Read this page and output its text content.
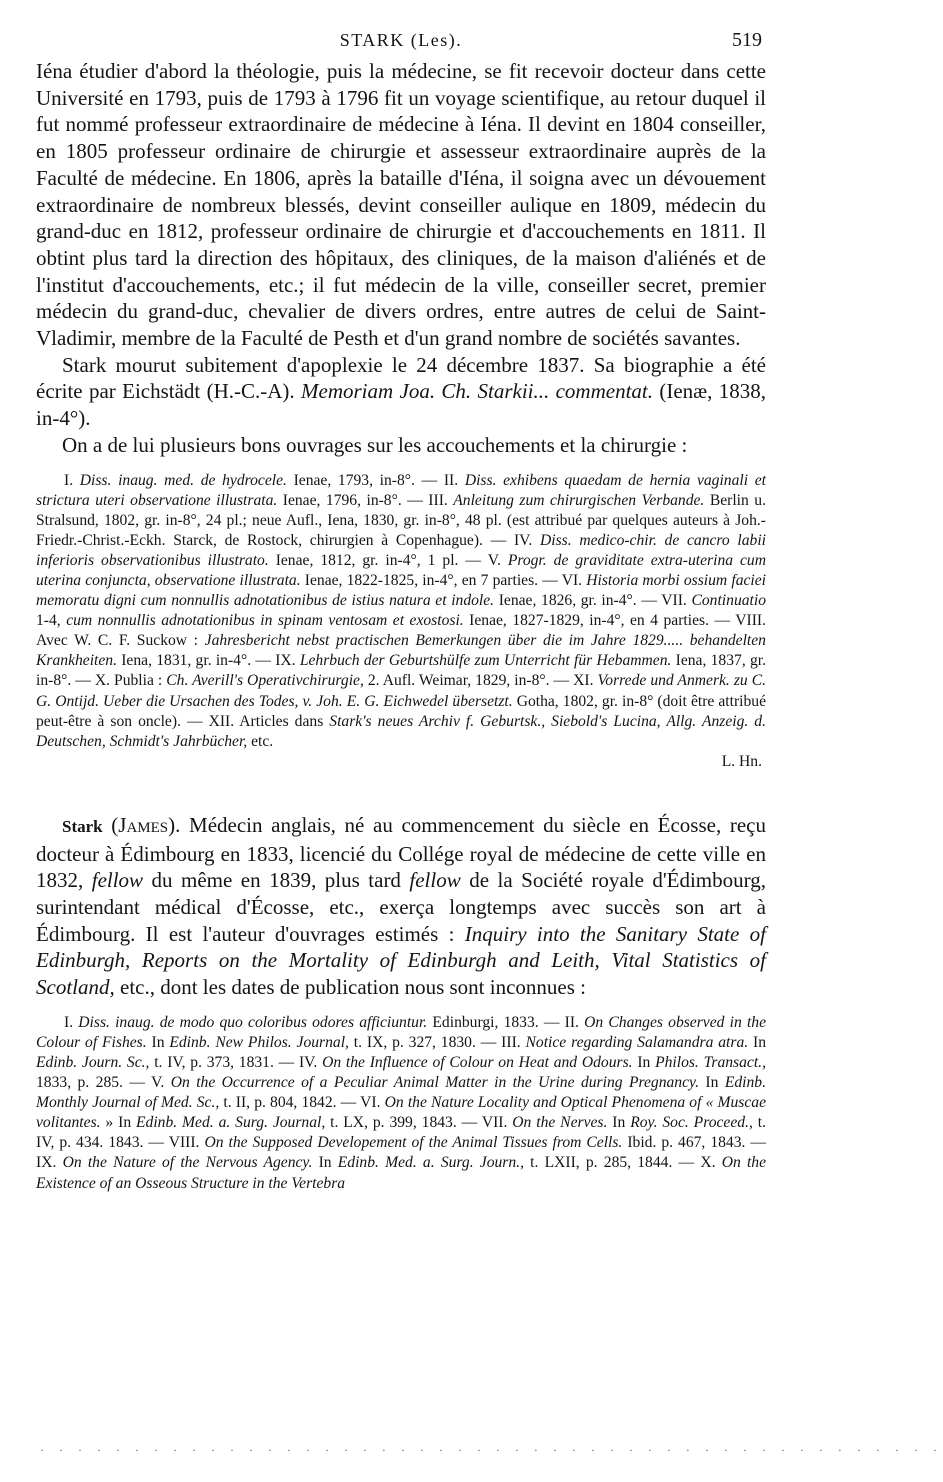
STARK (Les).	519

Iéna étudier d'abord la théologie, puis la médecine, se fit recevoir docteur dans cette Université en 1793, puis de 1793 à 1796 fit un voyage scientifique, au retour duquel il fut nommé professeur extraordinaire de médecine à Iéna. Il devint en 1804 conseiller, en 1805 professeur ordinaire de chirurgie et assesseur extraordinaire auprès de la Faculté de médecine. En 1806, après la bataille d'Iéna, il soigna avec un dévouement extraordinaire de nombreux blessés, devint conseiller aulique en 1809, médecin du grand-duc en 1812, professeur ordinaire de chirurgie et d'accouchements en 1811. Il obtint plus tard la direction des hôpitaux, des cliniques, de la maison d'aliénés et de l'institut d'accouchements, etc.; il fut médecin de la ville, conseiller secret, premier médecin du grand-duc, chevalier de divers ordres, entre autres de celui de Saint-Vladimir, membre de la Faculté de Pesth et d'un grand nombre de sociétés savantes.

Stark mourut subitement d'apoplexie le 24 décembre 1837. Sa biographie a été écrite par Eichstädt (H.-C.-A). Memoriam Joa. Ch. Starkii... commentat. (Ienæ, 1838, in-4°).

On a de lui plusieurs bons ouvrages sur les accouchements et la chirurgie :

I. Diss. inaug. med. de hydrocele. Ienae, 1793, in-8°. — II. Diss. exhibens quaedam de hernia vaginali et strictura uteri observatione illustrata. Ienae, 1796, in-8°. — III. Anleitung zum chirurgischen Verbande. Berlin u. Stralsund, 1802, gr. in-8°, 24 pl.; neue Aufl., Iena, 1830, gr. in-8°, 48 pl. (est attribué par quelques auteurs à Joh.-Friedr.-Christ.-Eckh. Starck, de Rostock, chirurgien à Copenhague). — IV. Diss. medico-chir. de cancro labii inferioris observationibus illustrato. Ienae, 1812, gr. in-4°, 1 pl. — V. Progr. de graviditate extra-uterina cum uterina conjuncta, observatione illustrata. Ienae, 1822-1825, in-4°, en 7 parties. — VI. Historia morbi ossium faciei memoratu digni cum nonnullis adnotationibus de istius natura et indole. Ienae, 1826, gr. in-4°. — VII. Continuatio 1-4, cum nonnullis adnotationibus in spinam ventosam et exostosi. Ienae, 1827-1829, in-4°, en 4 parties. — VIII. Avec W. C. F. Suckow : Jahresbericht nebst practischen Bemerkungen über die im Jahre 1829..... behandelten Krankheiten. Iena, 1831, gr. in-4°. — IX. Lehrbuch der Geburtshülfe zum Unterricht für Hebammen. Iena, 1837, gr. in-8°. — X. Publia : Ch. Averill's Operativchirurgie, 2. Aufl. Weimar, 1829, in-8°. — XI. Vorrede und Anmerk. zu C. G. Ontijd. Ueber die Ursachen des Todes, v. Joh. E. G. Eichwedel übersetzt. Gotha, 1802, gr. in-8° (doit être attribué peut-être à son oncle). — XII. Articles dans Stark's neues Archiv f. Geburtsk., Siebold's Lucina, Allg. Anzeig. d. Deutschen, Schmidt's Jahrbücher, etc.

L. Hn.

Stark (James). Médecin anglais, né au commencement du siècle en Écosse, reçu docteur à Édimbourg en 1833, licencié du Collége royal de médecine de cette ville en 1832, fellow du même en 1839, plus tard fellow de la Société royale d'Édimbourg, surintendant médical d'Écosse, etc., exerça longtemps avec succès son art à Édimbourg. Il est l'auteur d'ouvrages estimés : Inquiry into the Sanitary State of Edinburgh, Reports on the Mortality of Edinburgh and Leith, Vital Statistics of Scotland, etc., dont les dates de publication nous sont inconnues :

I. Diss. inaug. de modo quo coloribus odores afficiuntur. Edinburgi, 1833. — II. On Changes observed in the Colour of Fishes. In Edinb. New Philos. Journal, t. IX, p. 327, 1830. — III. Notice regarding Salamandra atra. In Edinb. Journ. Sc., t. IV, p. 373, 1831. — IV. On the Influence of Colour on Heat and Odours. In Philos. Transact., 1833, p. 285. — V. On the Occurrence of a Peculiar Animal Matter in the Urine during Pregnancy. In Edinb. Monthly Journal of Med. Sc., t. II, p. 804, 1842. — VI. On the Nature Locality and Optical Phenomena of « Muscae volitantes. » In Edinb. Med. a. Surg. Journal, t. LX, p. 399, 1843. — VII. On the Nerves. In Roy. Soc. Proceed., t. IV, p. 434. 1843. — VIII. On the Supposed Developement of the Animal Tissues from Cells. Ibid. p. 467, 1843. — IX. On the Nature of the Nervous Agency. In Edinb. Med. a. Surg. Journ., t. LXII, p. 285, 1844. — X. On the Existence of an Osseous Structure in the Vertebra

· · · · · · · · · · · · · · · · · · · · · · · · · · · · · · · · · · · · · · · · · · · · · · · ·
